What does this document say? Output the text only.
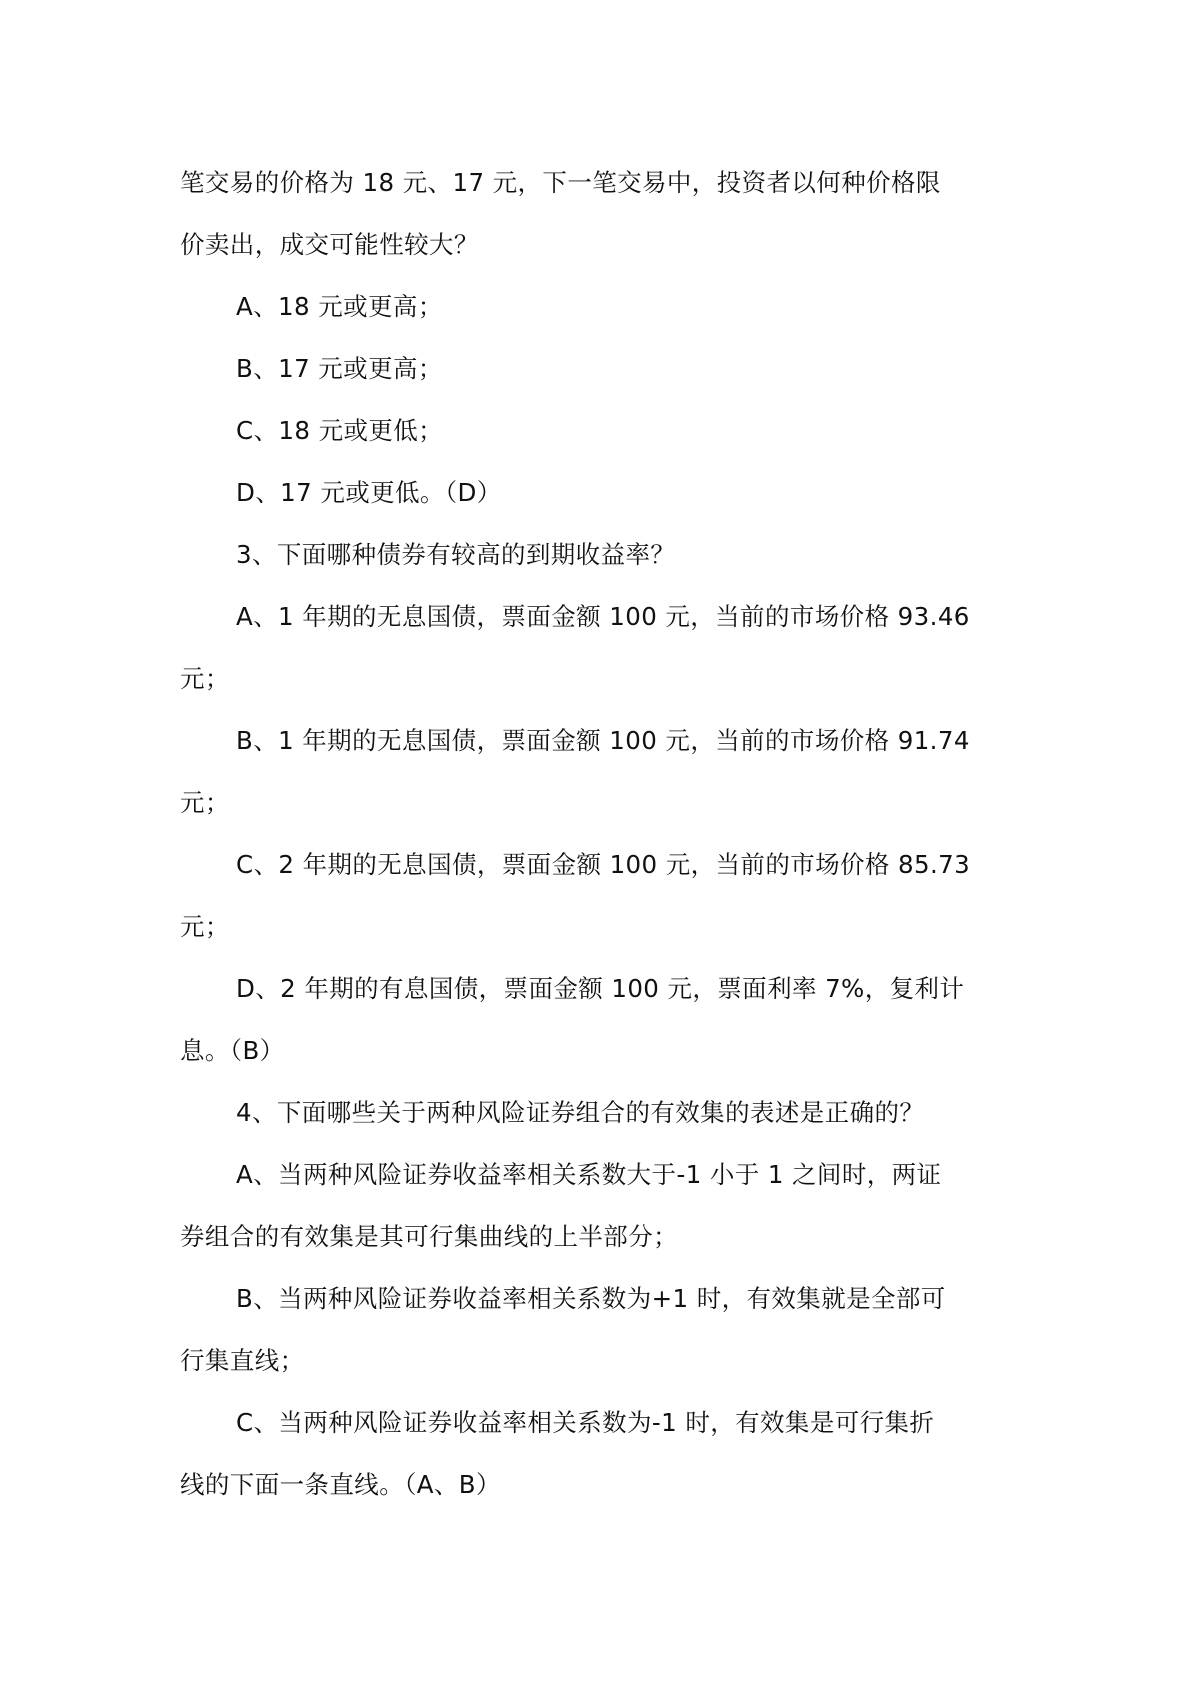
笔交易的价格为 18 元、17 元，下一笔交易中，投资者以何种价格限
价卖出，成交可能性较大？
A、18 元或更高；
B、17 元或更高；
C、18 元或更低；
D、17 元或更低。（D）
3、下面哪种债券有较高的到期收益率？
A、1 年期的无息国债，票面金额 100 元，当前的市场价格 93.46
元；
B、1 年期的无息国债，票面金额 100 元，当前的市场价格 91.74
元；
C、2 年期的无息国债，票面金额 100 元，当前的市场价格 85.73
元；
D、2 年期的有息国债，票面金额 100 元，票面利率 7%，复利计
息。（B）
4、下面哪些关于两种风险证券组合的有效集的表述是正确的？
A、当两种风险证券收益率相关系数大于-1 小于 1 之间时，两证
券组合的有效集是其可行集曲线的上半部分；
B、当两种风险证券收益率相关系数为+1 时，有效集就是全部可
行集直线；
C、当两种风险证券收益率相关系数为-1 时，有效集是可行集折
线的下面一条直线。（A、B）
